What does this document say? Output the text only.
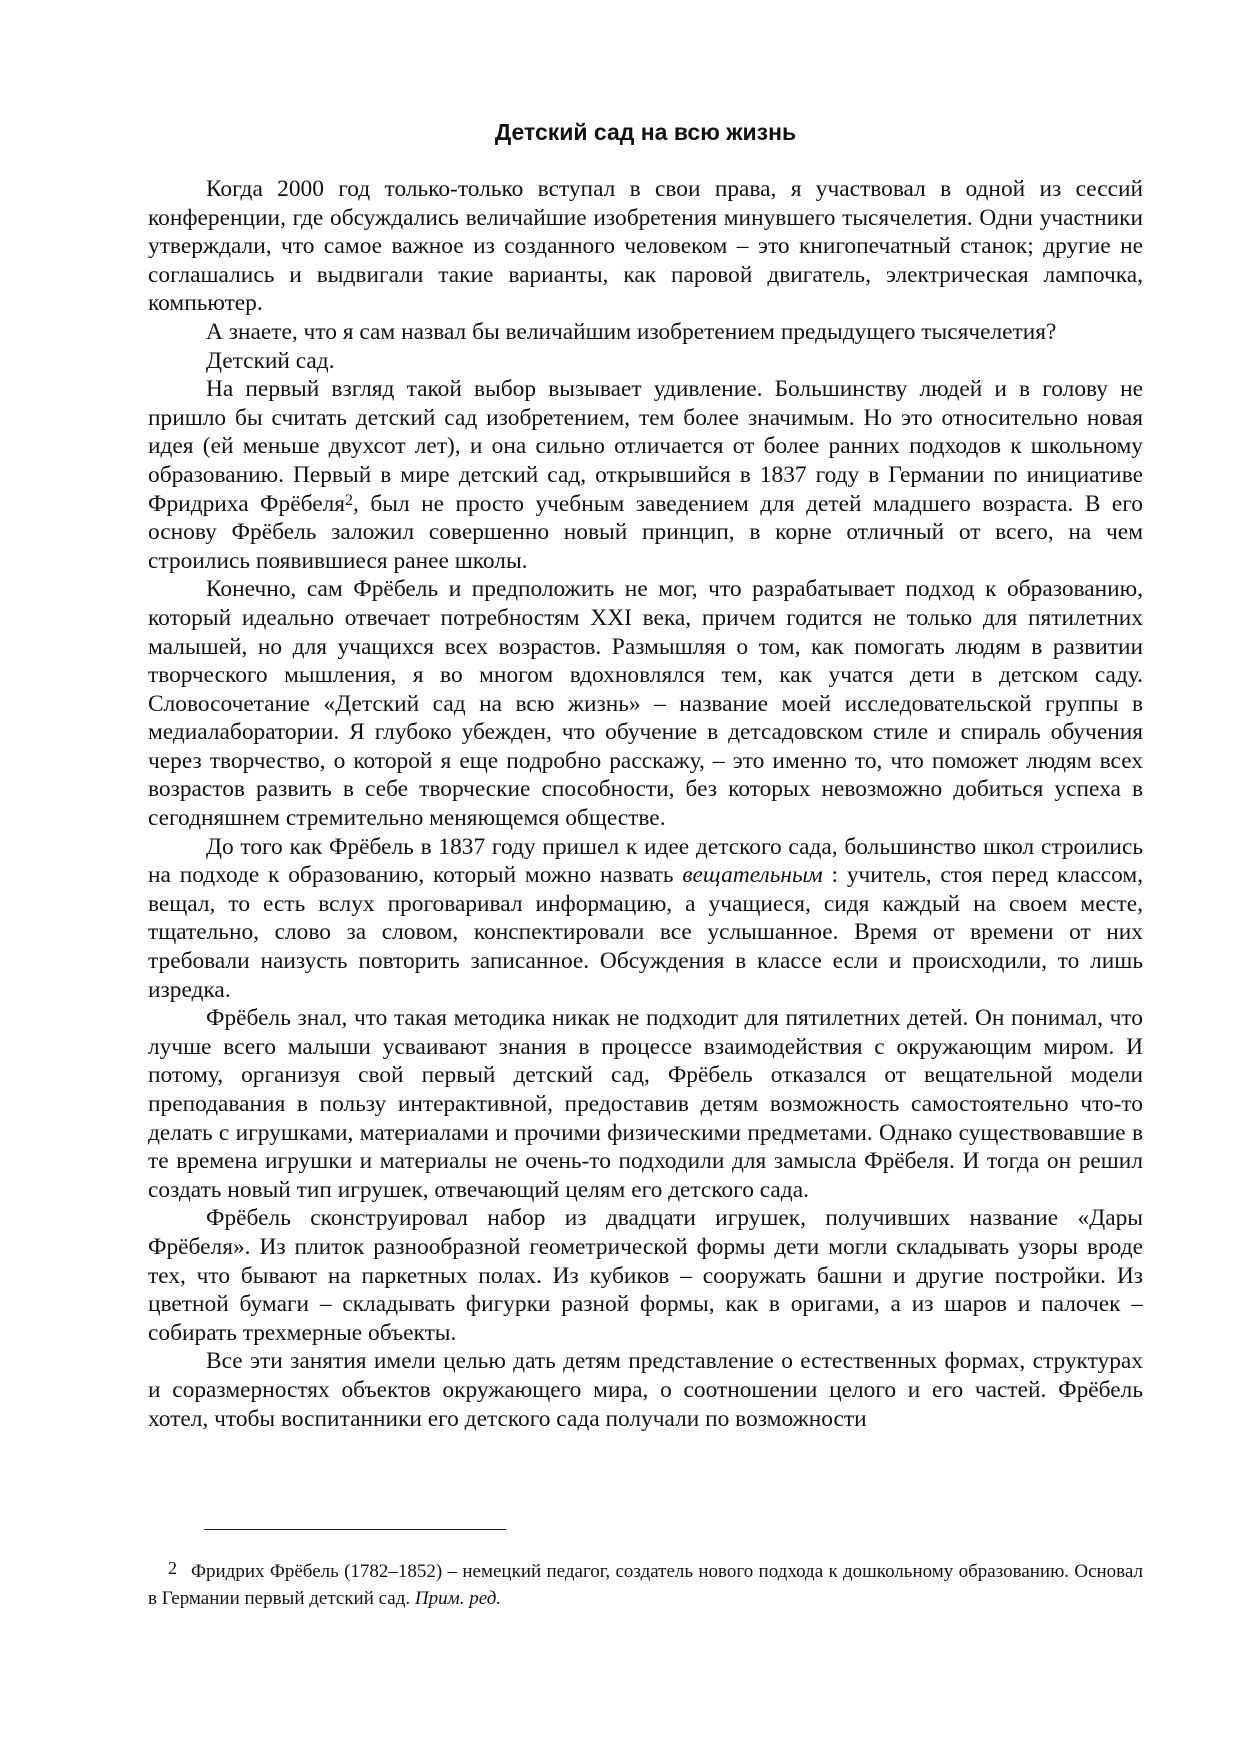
Детский сад на всю жизнь

Когда 2000 год только-только вступал в свои права, я участвовал в одной из сессий конференции, где обсуждались величайшие изобретения минувшего тысячелетия. Одни участники утверждали, что самое важное из созданного человеком – это книгопечатный станок; другие не соглашались и выдвигали такие варианты, как паровой двигатель, электрическая лампочка, компьютер.

А знаете, что я сам назвал бы величайшим изобретением предыдущего тысячелетия?

Детский сад.

На первый взгляд такой выбор вызывает удивление. Большинству людей и в голову не пришло бы считать детский сад изобретением, тем более значимым. Но это относительно новая идея (ей меньше двухсот лет), и она сильно отличается от более ранних подходов к школьному образованию. Первый в мире детский сад, открывшийся в 1837 году в Германии по инициативе Фридриха Фрёбеля$^2$, был не просто учебным заведением для детей младшего возраста. В его основу Фрёбель заложил совершенно новый принцип, в корне отличный от всего, на чем строились появившиеся ранее школы.

Конечно, сам Фрёбель и предположить не мог, что разрабатывает подход к образованию, который идеально отвечает потребностям XXI века, причем годится не только для пятилетних малышей, но для учащихся всех возрастов. Размышляя о том, как помогать людям в развитии творческого мышления, я во многом вдохновлялся тем, как учатся дети в детском саду. Словосочетание «Детский сад на всю жизнь» – название моей исследовательской группы в медиалаборатории. Я глубоко убежден, что обучение в детсадовском стиле и спираль обучения через творчество, о которой я еще подробно расскажу, – это именно то, что поможет людям всех возрастов развить в себе творческие способности, без которых невозможно добиться успеха в сегодняшнем стремительно меняющемся обществе.

До того как Фрёбель в 1837 году пришел к идее детского сада, большинство школ строились на подходе к образованию, который можно назвать вещательным : учитель, стоя перед классом, вещал, то есть вслух проговаривал информацию, а учащиеся, сидя каждый на своем месте, тщательно, слово за словом, конспектировали все услышанное. Время от времени от них требовали наизусть повторить записанное. Обсуждения в классе если и происходили, то лишь изредка.

Фрёбель знал, что такая методика никак не подходит для пятилетних детей. Он понимал, что лучше всего малыши усваивают знания в процессе взаимодействия с окружающим миром. И потому, организуя свой первый детский сад, Фрёбель отказался от вещательной модели преподавания в пользу интерактивной, предоставив детям возможность самостоятельно что-то делать с игрушками, материалами и прочими физическими предметами. Однако существовавшие в те времена игрушки и материалы не очень-то подходили для замысла Фрёбеля. И тогда он решил создать новый тип игрушек, отвечающий целям его детского сада.

Фрёбель сконструировал набор из двадцати игрушек, получивших название «Дары Фрёбеля». Из плиток разнообразной геометрической формы дети могли складывать узоры вроде тех, что бывают на паркетных полах. Из кубиков – сооружать башни и другие постройки. Из цветной бумаги – складывать фигурки разной формы, как в оригами, а из шаров и палочек – собирать трехмерные объекты.

Все эти занятия имели целью дать детям представление о естественных формах, структурах и соразмерностях объектов окружающего мира, о соотношении целого и его частей. Фрёбель хотел, чтобы воспитанники его детского сада получали по возможности

2 Фридрих Фрёбель (1782–1852) – немецкий педагог, создатель нового подхода к дошкольному образованию. Основал в Германии первый детский сад. Прим. ред.
